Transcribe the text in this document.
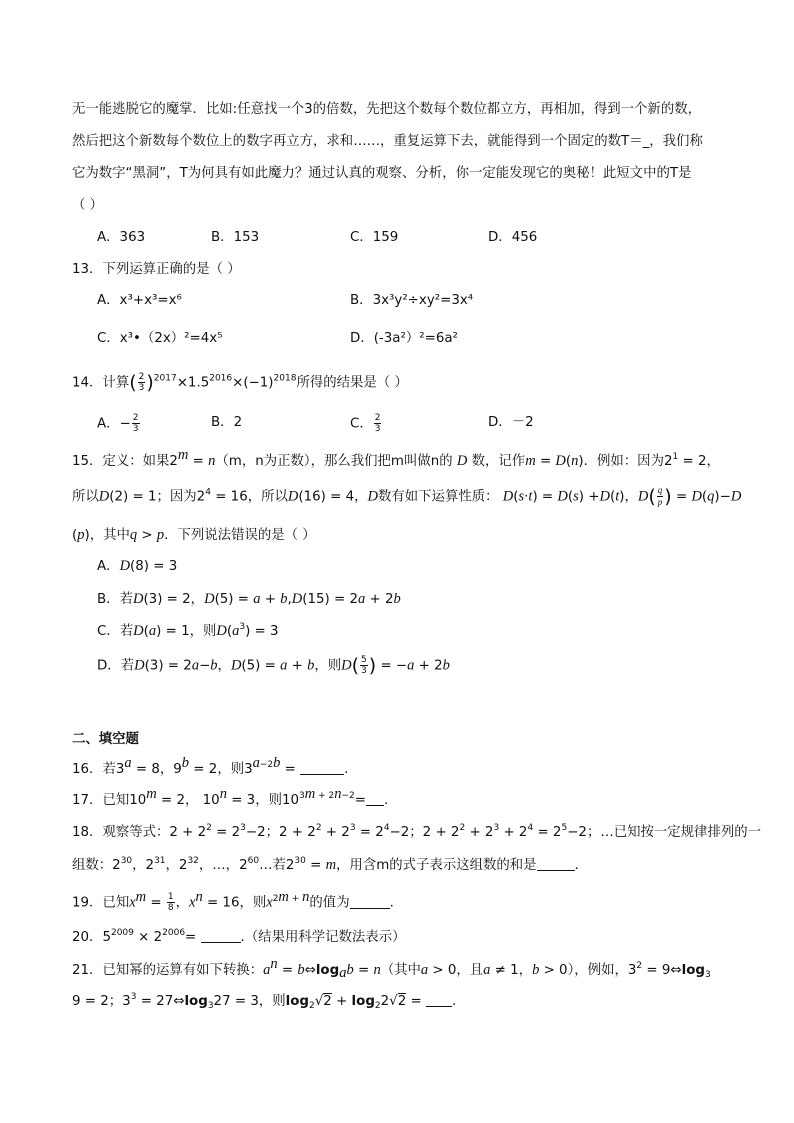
无一能逃脱它的魔掌．比如:任意找一个3的倍数，先把这个数每个数位都立方，再相加，得到一个新的数，
然后把这个新数每个数位上的数字再立方，求和……，重复运算下去，就能得到一个固定的数T＝_，我们称
它为数字“黑洞”，T为何具有如此魔力？通过认真的观察、分析，你一定能发现它的奥秘！此短文中的T是
（ ）
A．363	B．153	C．159	D．456
13．下列运算正确的是（ ）
A．x³+x³=x⁶	B．3x³y²÷xy²=3x⁴
C．x³•（2x）²=4x⁵	D．(-3a²）²=6a²
14．计算( $\frac{2}{3} )^{2017}\times 1.5^{2016}\times(-1)^{2018}$所得的结果是（ ）
A．− $\frac{2}{3}$	B．2	C． $\frac{2}{3}$	D．－2
15．定义：如果$2^m = n(m$，n为正数），那么我们把m叫做n的 D 数，记作m = D(n)．例如：因为$2^1 = 2$，
所以D(2) = 1；因为$2^4 = 16$，所以D(16) = 4，D数有如下运算性质： D(s·t) = D(s) +D(t)，$D( \frac{q}{p}$ ) = D(q)−D
(p)，其中q > p．下列说法错误的是（ ）
A．D(8) = 3
B．若D(3) = 2，D(5) = a + b,D(15) = 2a + 2b
C．若D(a) = 1，则$D(a^3) = 3$
D．若D(3) = 2a−b，D(5) = a + b，则$D( \frac{5}{3}$ ) = −a + 2b
二、填空题
16．若$3^a = 8$，$9^b = 2$，则$3^{a-2b}$ =	.
17．已知$10^m = 2$， $10^n = 3$，则$10^{3m + 2n-2}=$ .
18．观察等式：$2 + 2^2 = 2^3-2$；$2 + 2^2 + 2^3 = 2^4-2$；$2 + 2^2 + 2^3 + 2^4 = 2^5-2$；…已知按一定规律排列的一
组数：$2^{30}$，$2^{31}$，$2^{32}$，…，$2^{60}\dots$若$2^{30} = m$，用含m的式子表示这组数的和是	．
19．已知$x^m = \frac{1}{8}$ ，$x^n = 16$，则$x^{2m + n}$的值为	.
20．$5^{2009} \times 2^{2006}=$	.（结果用科学记数法表示）
21．已知幂的运算有如下转换：$a^n$ = $b\Leftrightarrow\log_ab = n$（其中a > 0，且a ≠ 1，b > 0），例如，$3^2$ = $9\Leftrightarrow\log_3$
9 = 2；$3^3$ = $27\Leftrightarrow\log_327 = 3$，则$\log_2√2 + \log_22√2$ = .
